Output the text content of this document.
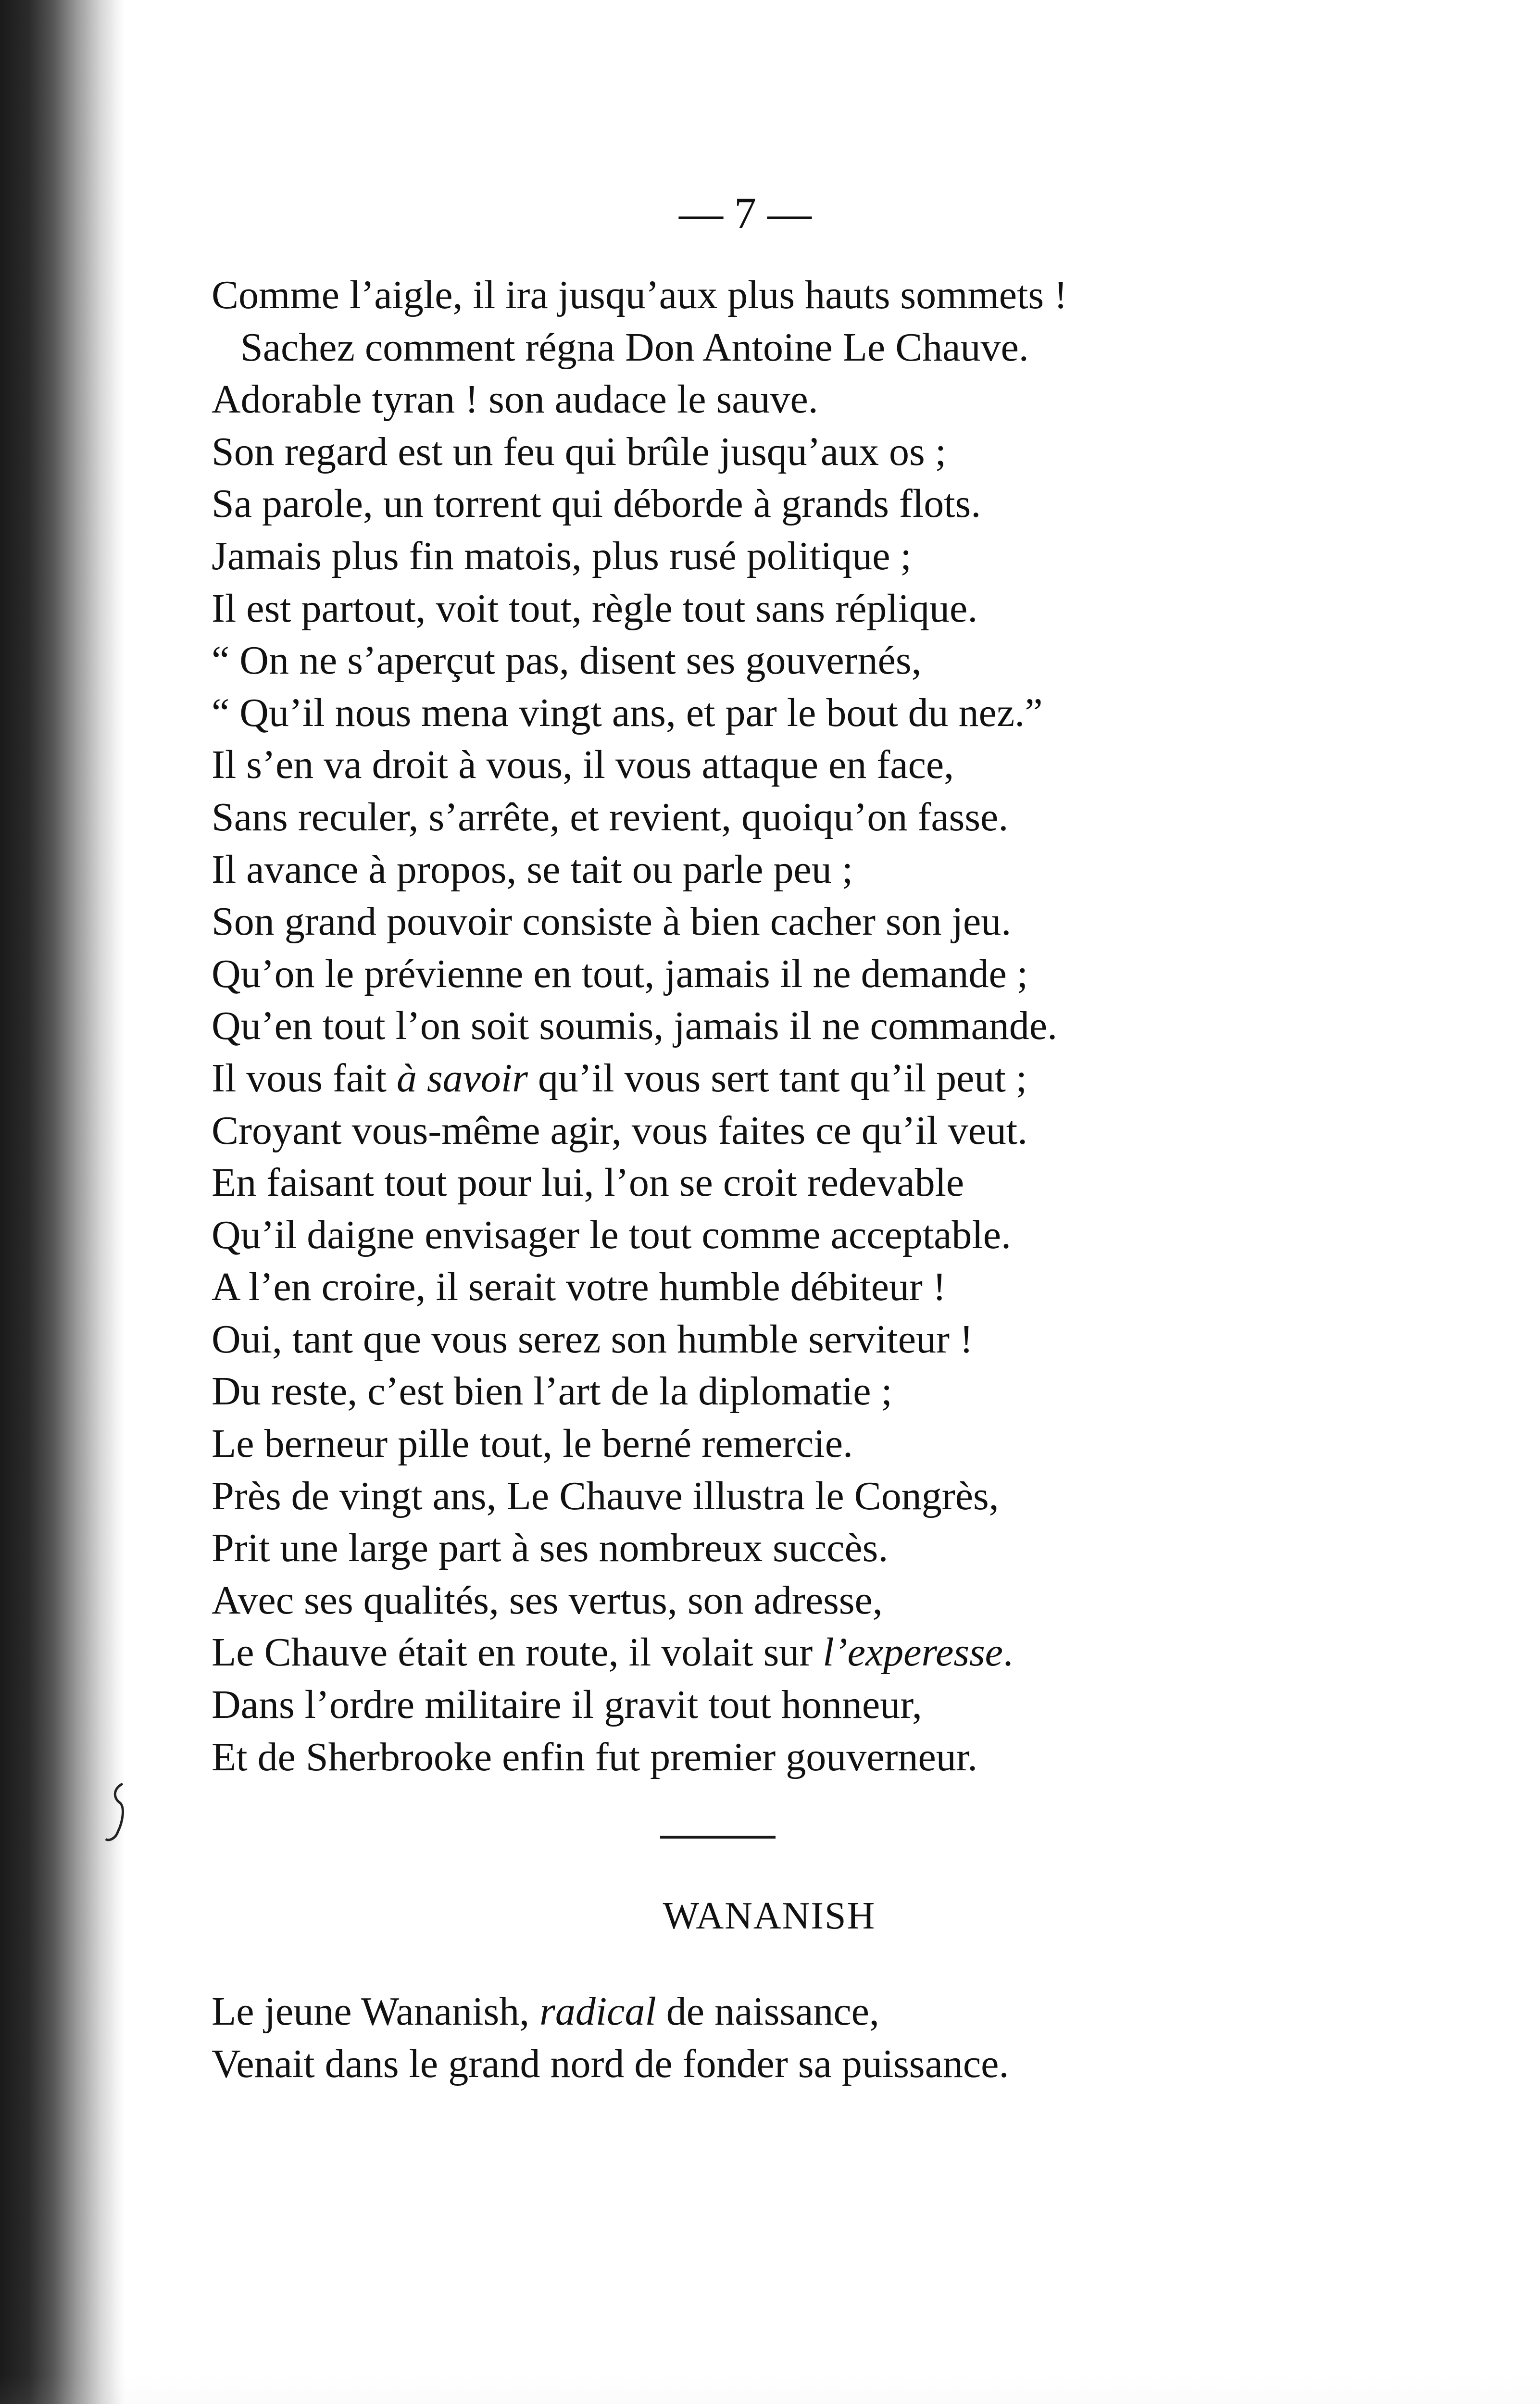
— 7 —
Comme l’aigle, il ira jusqu’aux plus hauts sommets !
Sachez comment régna Don Antoine Le Chauve.
Adorable tyran ! son audace le sauve.
Son regard est un feu qui brûle jusqu’aux os ;
Sa parole, un torrent qui déborde à grands flots.
Jamais plus fin matois, plus rusé politique ;
Il est partout, voit tout, règle tout sans réplique.
“ On ne s’aperçut pas, disent ses gouvernés,
“ Qu’il nous mena vingt ans, et par le bout du nez.”
Il s’en va droit à vous, il vous attaque en face,
Sans reculer, s’arrête, et revient, quoiqu’on fasse.
Il avance à propos, se tait ou parle peu ;
Son grand pouvoir consiste à bien cacher son jeu.
Qu’on le prévienne en tout, jamais il ne demande ;
Qu’en tout l’on soit soumis, jamais il ne commande.
Il vous fait à savoir qu’il vous sert tant qu’il peut ;
Croyant vous-même agir, vous faites ce qu’il veut.
En faisant tout pour lui, l’on se croit redevable
Qu’il daigne envisager le tout comme acceptable.
A l’en croire, il serait votre humble débiteur !
Oui, tant que vous serez son humble serviteur !
Du reste, c’est bien l’art de la diplomatie ;
Le berneur pille tout, le berné remercie.
Près de vingt ans, Le Chauve illustra le Congrès,
Prit une large part à ses nombreux succès.
Avec ses qualités, ses vertus, son adresse,
Le Chauve était en route, il volait sur l’experesse.
Dans l’ordre militaire il gravit tout honneur,
Et de Sherbrooke enfin fut premier gouverneur.
WANANISH
Le jeune Wananish, radical de naissance,
Venait dans le grand nord de fonder sa puissance.
